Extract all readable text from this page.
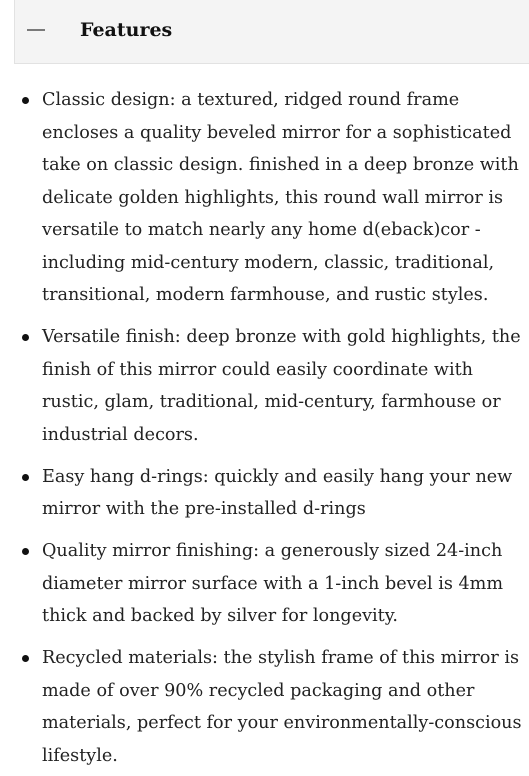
Features
Classic design: a textured, ridged round frame encloses a quality beveled mirror for a sophisticated take on classic design. finished in a deep bronze with delicate golden highlights, this round wall mirror is versatile to match nearly any home d(eback)cor - including mid-century modern, classic, traditional, transitional, modern farmhouse, and rustic styles.
Versatile finish: deep bronze with gold highlights, the finish of this mirror could easily coordinate with rustic, glam, traditional, mid-century, farmhouse or industrial decors.
Easy hang d-rings: quickly and easily hang your new mirror with the pre-installed d-rings
Quality mirror finishing: a generously sized 24-inch diameter mirror surface with a 1-inch bevel is 4mm thick and backed by silver for longevity.
Recycled materials: the stylish frame of this mirror is made of over 90% recycled packaging and other materials, perfect for your environmentally-conscious lifestyle.
